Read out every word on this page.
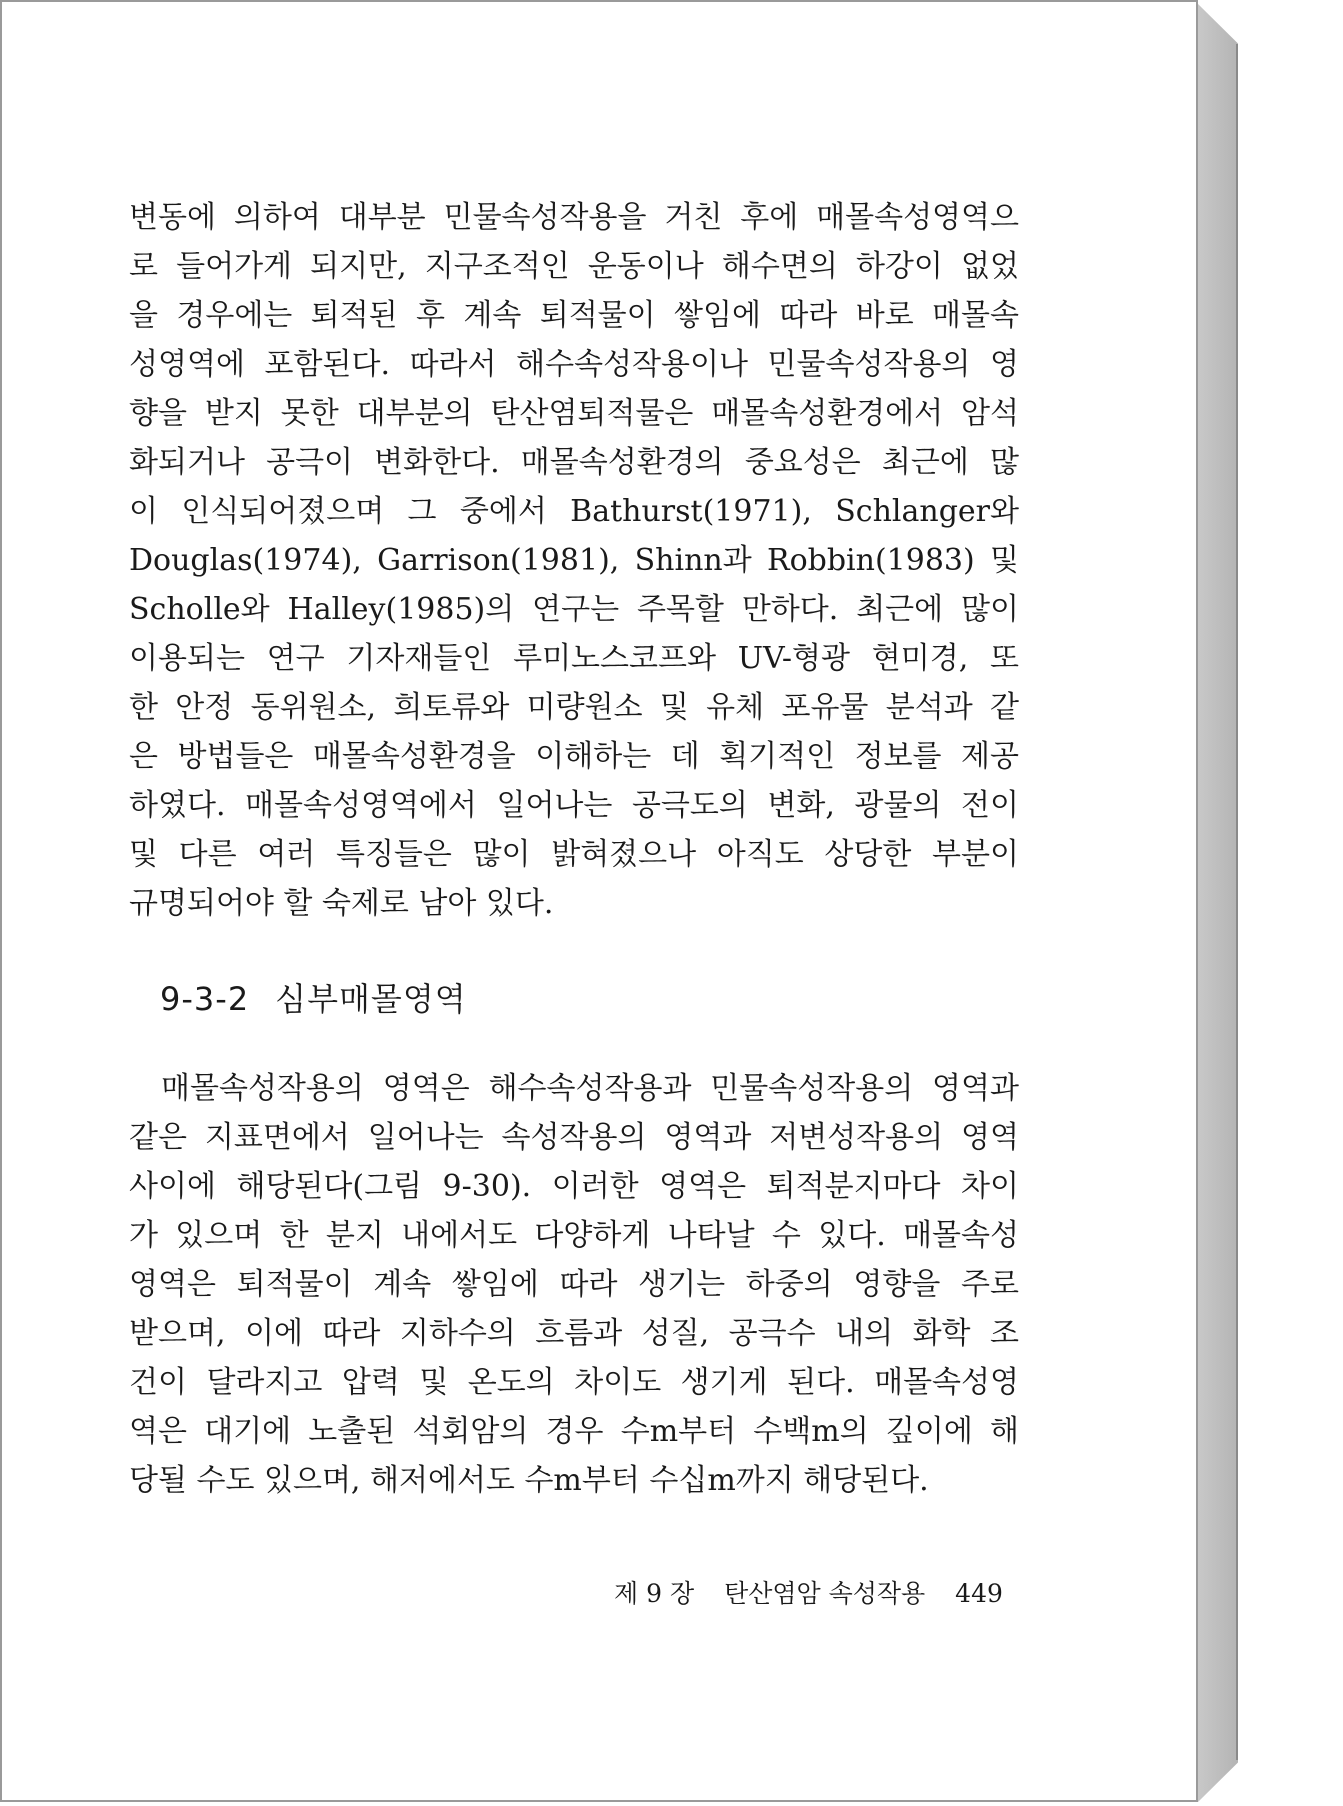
변동에 의하여 대부분 민물속성작용을 거친 후에 매몰속성영역으
로 들어가게 되지만, 지구조적인 운동이나 해수면의 하강이 없었
을 경우에는 퇴적된 후 계속 퇴적물이 쌓임에 따라 바로 매몰속
성영역에 포함된다. 따라서 해수속성작용이나 민물속성작용의 영
향을 받지 못한 대부분의 탄산염퇴적물은 매몰속성환경에서 암석
화되거나 공극이 변화한다. 매몰속성환경의 중요성은 최근에 많
이 인식되어졌으며 그 중에서 Bathurst(1971), Schlanger와
Douglas(1974), Garrison(1981), Shinn과 Robbin(1983) 및
Scholle와 Halley(1985)의 연구는 주목할 만하다. 최근에 많이
이용되는 연구 기자재들인 루미노스코프와 UV-형광 현미경, 또
한 안정 동위원소, 희토류와 미량원소 및 유체 포유물 분석과 같
은 방법들은 매몰속성환경을 이해하는 데 획기적인 정보를 제공
하였다. 매몰속성영역에서 일어나는 공극도의 변화, 광물의 전이
및 다른 여러 특징들은 많이 밝혀졌으나 아직도 상당한 부분이
규명되어야 할 숙제로 남아 있다.
9-3-2 심부매몰영역
매몰속성작용의 영역은 해수속성작용과 민물속성작용의 영역과
같은 지표면에서 일어나는 속성작용의 영역과 저변성작용의 영역
사이에 해당된다(그림 9-30). 이러한 영역은 퇴적분지마다 차이
가 있으며 한 분지 내에서도 다양하게 나타날 수 있다. 매몰속성
영역은 퇴적물이 계속 쌓임에 따라 생기는 하중의 영향을 주로
받으며, 이에 따라 지하수의 흐름과 성질, 공극수 내의 화학 조
건이 달라지고 압력 및 온도의 차이도 생기게 된다. 매몰속성영
역은 대기에 노출된 석회암의 경우 수m부터 수백m의 깊이에 해
당될 수도 있으며, 해저에서도 수m부터 수십m까지 해당된다.
제 9 장 탄산염암 속성작용 449
